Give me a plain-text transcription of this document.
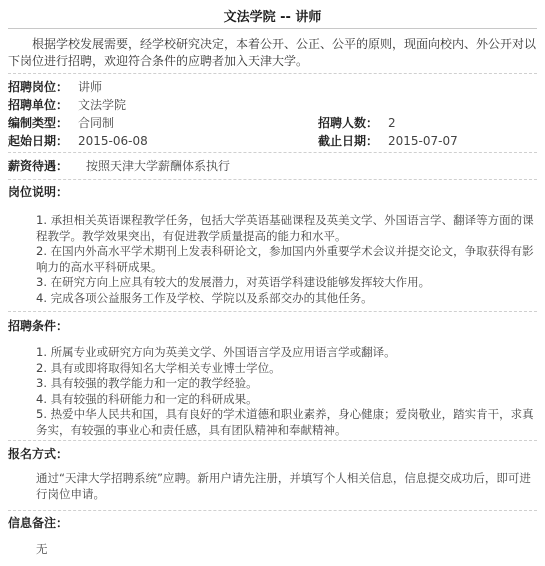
文法学院 -- 讲师
根据学校发展需要，经学校研究决定，本着公开、公正、公平的原则，现面向校内、外公开对以下岗位进行招聘，欢迎符合条件的应聘者加入天津大学。
招聘岗位： 讲师
招聘单位： 文法学院
编制类型： 合同制	招聘人数： 2
起始日期： 2015-06-08	截止日期： 2015-07-07
薪资待遇： 按照天津大学薪酬体系执行
岗位说明：
1. 承担相关英语课程教学任务，包括大学英语基础课程及英美文学、外国语言学、翻译等方面的课程教学。教学效果突出，有促进教学质量提高的能力和水平。
2. 在国内外高水平学术期刊上发表科研论文，参加国内外重要学术会议并提交论文，争取获得有影响力的高水平科研成果。
3. 在研究方向上应具有较大的发展潜力，对英语学科建设能够发挥较大作用。
4. 完成各项公益服务工作及学校、学院以及系部交办的其他任务。
招聘条件：
1. 所属专业或研究方向为英美文学、外国语言学及应用语言学或翻译。
2. 具有或即将取得知名大学相关专业博士学位。
3. 具有较强的教学能力和一定的教学经验。
4. 具有较强的科研能力和一定的科研成果。
5. 热爱中华人民共和国，具有良好的学术道德和职业素养，身心健康；爱岗敬业，踏实肯干，求真务实，有较强的事业心和责任感，具有团队精神和奉献精神。
报名方式：
通过“天津大学招聘系统”应聘。新用户请先注册，并填写个人相关信息，信息提交成功后，即可进行岗位申请。
信息备注：
无
